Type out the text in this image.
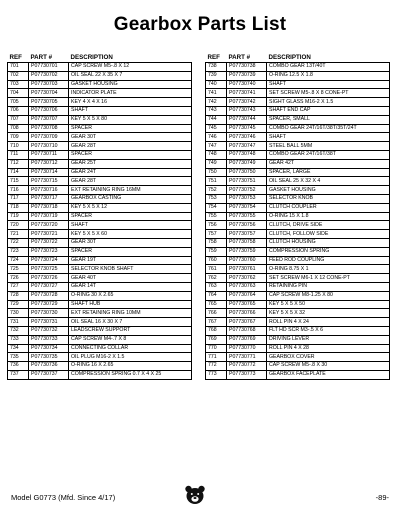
Gearbox Parts List
REF	PART #	DESCRIPTION
701	P07730701	CAP SCREW M5-.8 X 12
702	P07730702	OIL SEAL 22 X 35 X 7
703	P07730703	GASKET HOUSING
704	P07730704	INDICATOR PLATE
705	P07730705	KEY 4 X 4 X 16
706	P07730706	SHAFT
707	P07730707	KEY 5 X 5 X 80
708	P07730708	SPACER
709	P07730709	GEAR 30T
710	P07730710	GEAR 28T
711	P07730711	SPACER
712	P07730712	GEAR 25T
714	P07730714	GEAR 24T
715	P07730715	GEAR 28T
716	P07730716	EXT RETAINING RING 16MM
717	P07730717	GEARBOX CASTING
718	P07730718	KEY 5 X 5 X 12
719	P07730719	SPACER
720	P07730720	SHAFT
721	P07730721	KEY 5 X 5 X 60
722	P07730722	GEAR 30T
723	P07730723	SPACER
724	P07730724	GEAR 19T
725	P07730725	SELECTOR KNOB SHAFT
726	P07730726	GEAR 40T
727	P07730727	GEAR 14T
728	P07730728	O-RING 30 X 2.65
729	P07730729	SHAFT HUB
730	P07730730	EXT RETAINING RING 10MM
731	P07730731	OIL SEAL 16 X 30 X 7
732	P07730732	LEADSCREW SUPPORT
733	P07730733	CAP SCREW M4-.7 X 8
734	P07730734	CONNECTING COLLAR
735	P07730735	OIL PLUG M16-2 X 1.5
736	P07730736	O-RING 16 X 2.65
737	P07730737	COMPRESSION SPRING 0.7 X 4 X 25
REF	PART #	DESCRIPTION
738	P07730738	COMBO GEAR 13T/40T
739	P07730739	O-RING 12.5 X 1.8
740	P07730740	SHAFT
741	P07730741	SET SCREW M5-.8 X 8 CONE-PT
742	P07730742	SIGHT GLASS M16-2 X 1.5
743	P07730743	SHAFT END CAP
744	P07730744	SPACER, SMALL
745	P07730745	COMBO GEAR 24T/16T/38T/35T/24T
746	P07730746	SHAFT
747	P07730747	STEEL BALL 5MM
748	P07730748	COMBO GEAR 24T/16T/38T
749	P07730749	GEAR 42T
750	P07730750	SPACER, LARGE
751	P07730751	OIL SEAL 25 X 32 X 4
752	P07730752	GASKET HOUSING
753	P07730753	SELECTOR KNOB
754	P07730754	CLUTCH COUPLER
755	P07730755	O-RING 15 X 1.8
756	P07730756	CLUTCH, DRIVE SIDE
757	P07730757	CLUTCH, FOLLOW SIDE
758	P07730758	CLUTCH HOUSING
759	P07730759	COMPRESSION SPRING
760	P07730760	FEED ROD COUPLING
761	P07730761	O-RING 8.75 X 1
762	P07730762	SET SCREW M6-1 X 12 CONE-PT
763	P07730763	RETAINING PIN
764	P07730764	CAP SCREW M8-1.25 X 80
765	P07730765	KEY 5 X 5 X 50
766	P07730766	KEY 5 X 5 X 32
767	P07730767	ROLL PIN 4 X 24
768	P07730768	FLT HD SCR M3-.5 X 6
769	P07730769	DRIVING LEVER
770	P07730770	ROLL PIN 4 X 28
771	P07730771	GEARBOX COVER
772	P07730772	CAP SCREW M5-.8 X 30
773	P07730773	GEARBOX FACEPLATE
Model G0773 (Mfd. Since 4/17)	-89-
